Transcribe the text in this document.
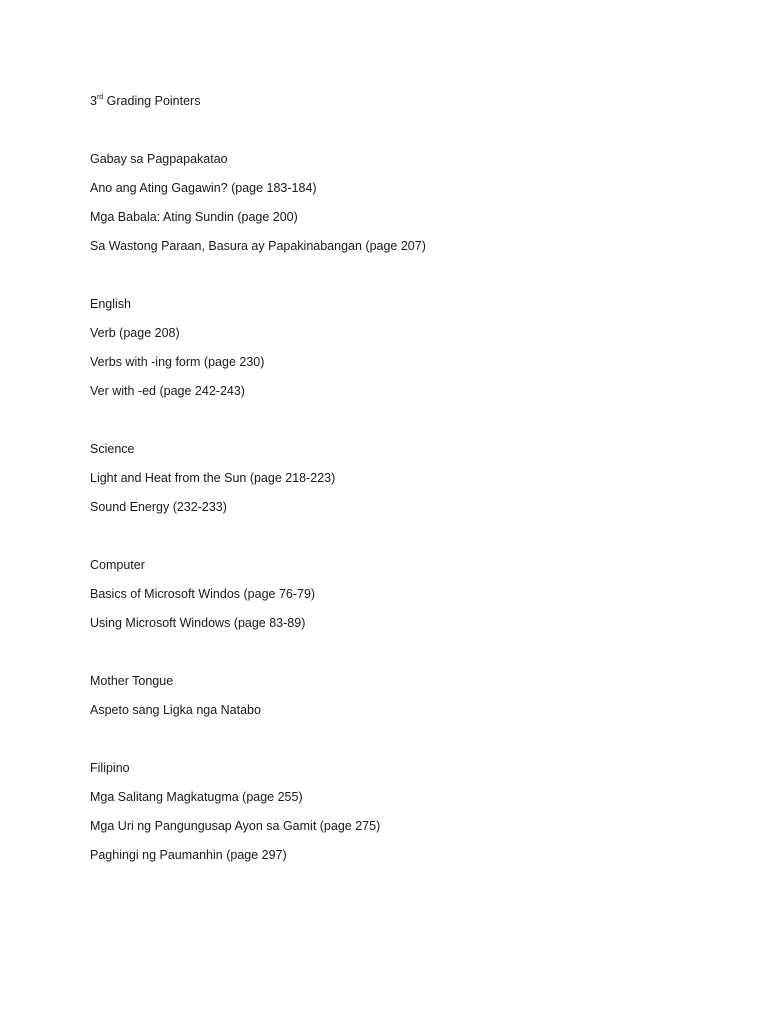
3rd Grading Pointers
Gabay sa Pagpapakatao
Ano ang Ating Gagawin? (page 183-184)
Mga Babala: Ating Sundin (page 200)
Sa Wastong Paraan, Basura ay Papakinabangan (page 207)
English
Verb (page 208)
Verbs with -ing form (page 230)
Ver with -ed (page 242-243)
Science
Light and Heat from the Sun (page 218-223)
Sound Energy (232-233)
Computer
Basics of Microsoft Windos (page 76-79)
Using Microsoft Windows (page 83-89)
Mother Tongue
Aspeto sang Ligka nga Natabo
Filipino
Mga Salitang Magkatugma (page 255)
Mga Uri ng Pangungusap Ayon sa Gamit (page 275)
Paghingi ng Paumanhin (page 297)
